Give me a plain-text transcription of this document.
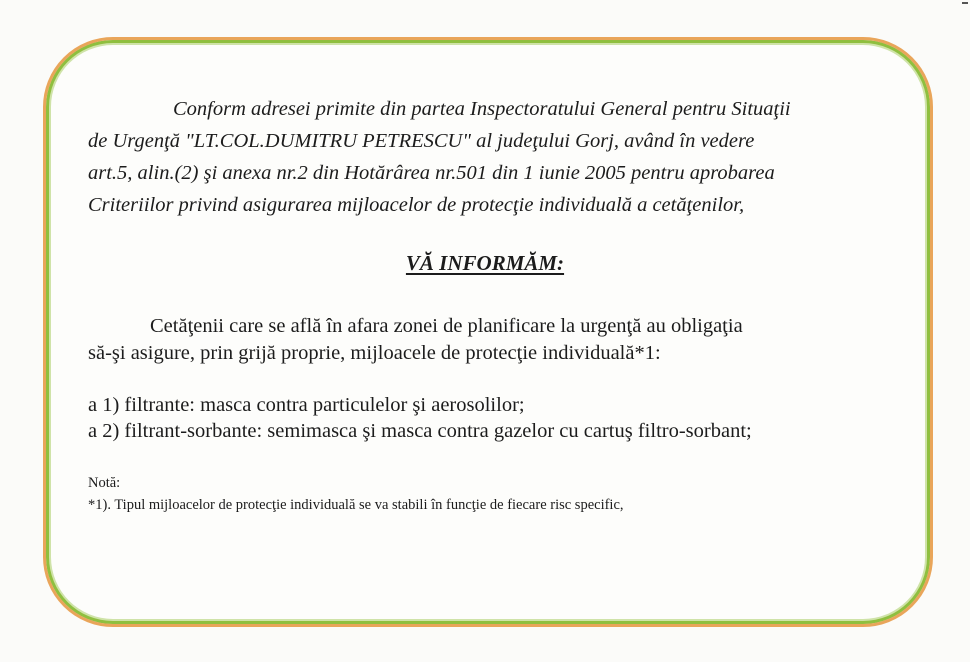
Conform adresei primite din partea Inspectoratului General pentru Situaţii
de Urgenţă "LT.COL.DUMITRU PETRESCU" al judeţului Gorj, având în vedere
art.5, alin.(2) şi anexa nr.2 din Hotărârea nr.501 din 1 iunie 2005 pentru aprobarea
Criteriilor privind asigurarea mijloacelor de protecţie individuală a cetăţenilor,
VĂ INFORMĂM:
Cetăţenii care se află în afara zonei de planificare la urgenţă au obligaţia
să-şi asigure, prin grijă proprie, mijloacele de protecţie individuală*1:
a 1) filtrante: masca contra particulelor şi aerosolilor;
a 2) filtrant-sorbante: semimasca şi masca contra gazelor cu cartuş filtro-sorbant;
Notă:
*1). Tipul mijloacelor de protecţie individuală se va stabili în funcţie de fiecare risc specific,
